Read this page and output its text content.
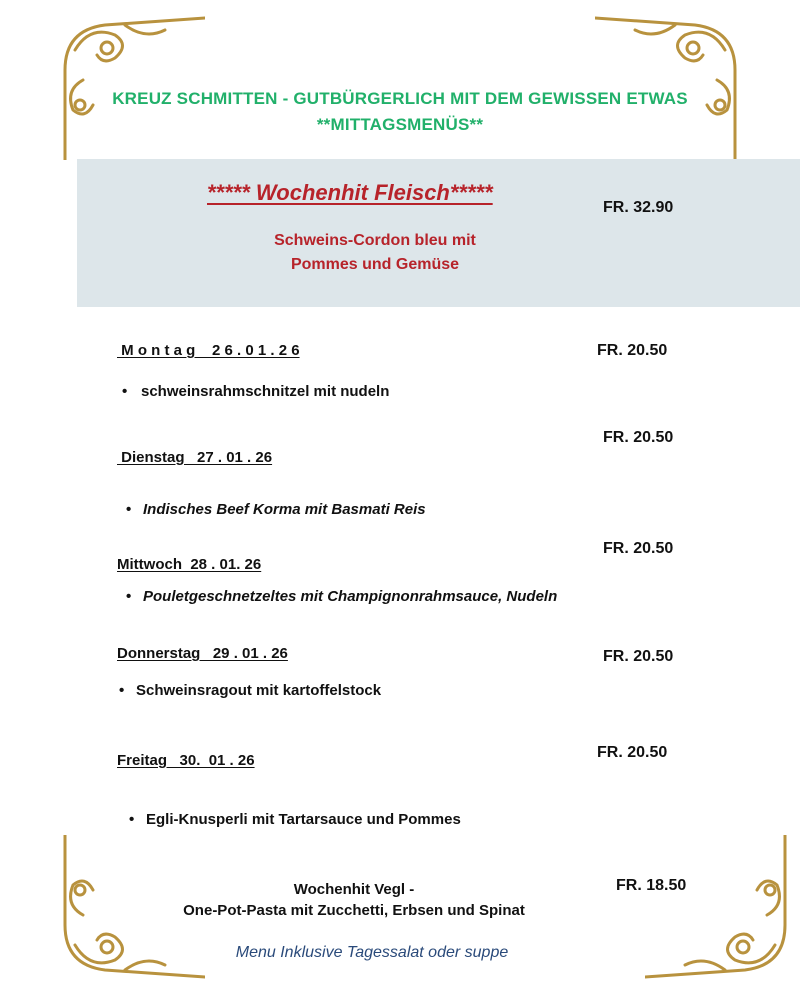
KREUZ SCHMITTEN - GUTBÜRGERLICH MIT DEM GEWISSEN ETWAS
**MITTAGSMENÜS**
***** Wochenhit Fleisch*****
FR. 32.90
Schweins-Cordon bleu mit
Pommes und Gemüse
M o n t a g    2 6 . 0 1 . 2 6	FR. 20.50
• schweinsrahmschnitzel mit nudeln
FR. 20.50
Dienstag   27 . 01 . 26
• Indisches Beef Korma mit Basmati Reis
FR. 20.50
Mittwoch  28 . 01. 26
• Pouletgeschnetzeltes mit Champignonrahmsauce, Nudeln
Donnerstag   29 . 01 . 26	FR. 20.50
• Schweinsragout mit kartoffelstock
FR. 20.50
Freitag   30.  01 . 26
• Egli-Knusperli mit Tartarsauce und Pommes
Wochenhit Vegl -	FR. 18.50
One-Pot-Pasta mit Zucchetti, Erbsen und Spinat
Menu Inklusive Tagessalat oder suppe
